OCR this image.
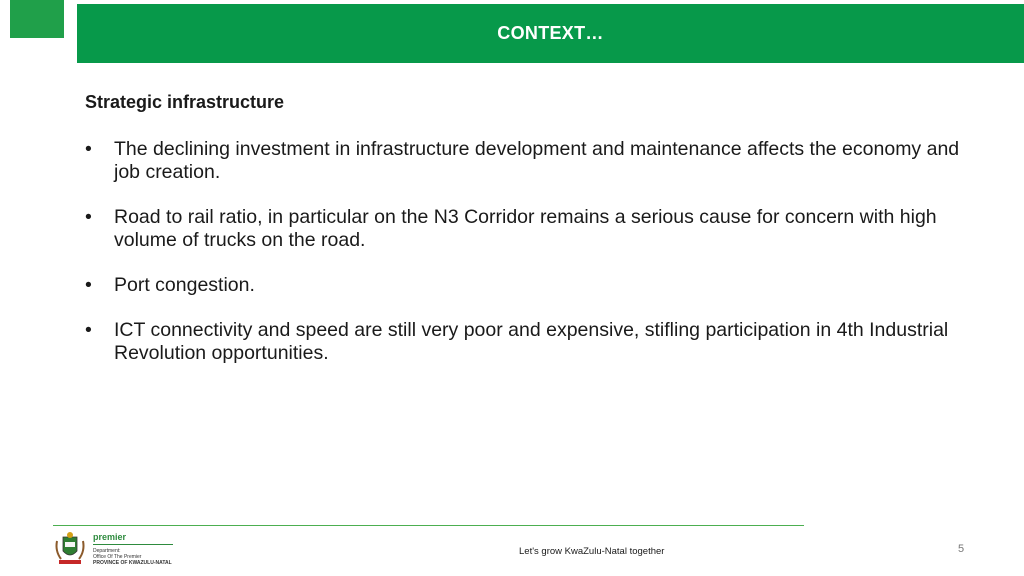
CONTEXT…
Strategic infrastructure
• The declining investment in infrastructure development and maintenance affects the economy and job creation.
• Road to rail ratio, in particular on the N3 Corridor remains a serious cause for concern with high volume of trucks on the road.
• Port congestion.
• ICT connectivity and speed are still very poor and expensive, stifling participation in 4th Industrial Revolution opportunities.
premier
Department:
Office Of The Premier
PROVINCE OF KWAZULU-NATAL
Let's grow KwaZulu-Natal together	5
